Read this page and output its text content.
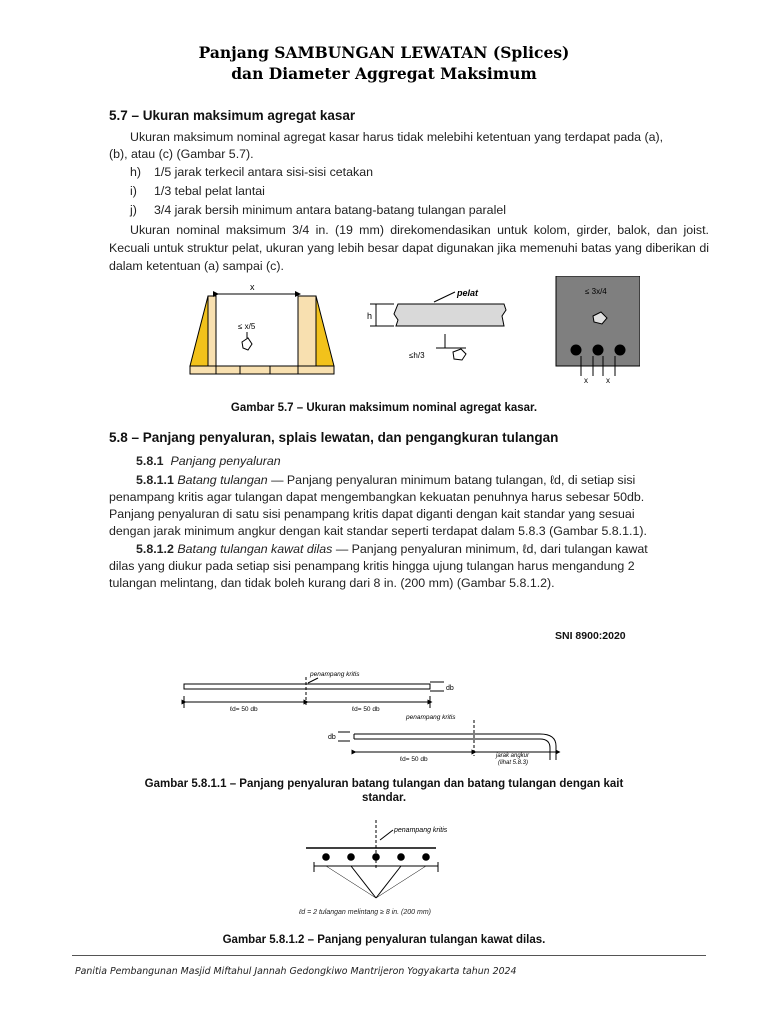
Panjang SAMBUNGAN LEWATAN (Splices)
dan Diameter Aggregat Maksimum
5.7 – Ukuran maksimum agregat kasar
Ukuran maksimum nominal agregat kasar harus tidak melebihi ketentuan yang terdapat pada (a),
(b), atau (c) (Gambar 5.7).
h) 1/5 jarak terkecil antara sisi-sisi cetakan
i) 1/3 tebal pelat lantai
j) 3/4 jarak bersih minimum antara batang-batang tulangan paralel
Ukuran nominal maksimum 3/4 in. (19 mm) direkomendasikan untuk kolom, girder, balok, dan joist. Kecuali untuk struktur pelat, ukuran yang lebih besar dapat digunakan jika memenuhi batas yang diberikan di dalam ketentuan (a) sampai (c).
x
≤ x/5
pelat
h
≤h/3
≤ 3x/4
x x
Gambar 5.7 – Ukuran maksimum nominal agregat kasar.
5.8 – Panjang penyaluran, splais lewatan, dan pengangkuran tulangan
5.8.1 Panjang penyaluran
5.8.1.1 Batang tulangan — Panjang penyaluran minimum batang tulangan, ℓd, di setiap sisi
penampang kritis agar tulangan dapat mengembangkan kekuatan penuhnya harus sebesar 50db.
Panjang penyaluran di satu sisi penampang kritis dapat diganti dengan kait standar yang sesuai
dengan jarak minimum angkur dengan kait standar seperti terdapat dalam 5.8.3 (Gambar 5.8.1.1).
5.8.1.2 Batang tulangan kawat dilas — Panjang penyaluran minimum, ℓd, dari tulangan kawat
dilas yang diukur pada setiap sisi penampang kritis hingga ujung tulangan harus mengandung 2
tulangan melintang, dan tidak boleh kurang dari 8 in. (200 mm) (Gambar 5.8.1.2).
SNI 8900:2020
penampang kritis
db
ℓd= 50 db	ℓd= 50 db
penampang kritis
db
ℓd= 50 db	jarak angkur
(lihat 5.8.3)
Gambar 5.8.1.1 – Panjang penyaluran batang tulangan dan batang tulangan dengan kait
standar.
penampang kritis
ℓd = 2 tulangan melintang ≥ 8 in. (200 mm)
Gambar 5.8.1.2 – Panjang penyaluran tulangan kawat dilas.
Panitia Pembangunan Masjid Miftahul Jannah Gedongkiwo Mantrijeron Yogyakarta tahun 2024
